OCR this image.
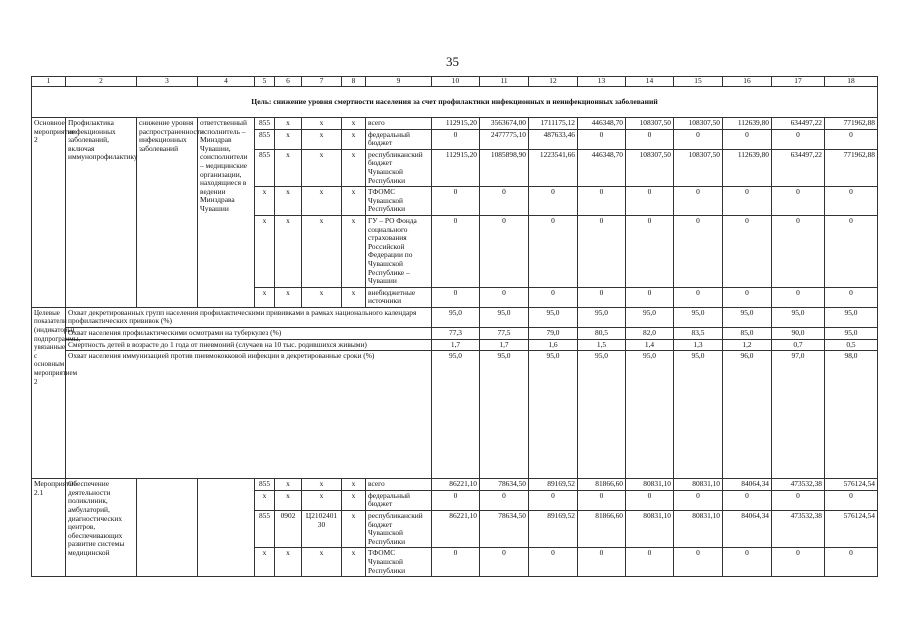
35
1	2	3	4	5	6	7	8	9	10	11	12	13	14	15	16	17	18
Цель: снижение уровня смертности населения за счет профилактики инфекционных и неинфекционных заболеваний																	
Основное мероприятие 2	Профилактика инфекционных заболеваний, включая иммунопрофилактику	снижение уровня распространенности инфекционных заболеваний	ответственный исполнитель – Минздрав Чувашии, соисполнители – медицинские организации, находящиеся в ведении Минздрава Чувашии	855	x	x	x	всего	112915,20	3563674,00	1711175,12	446348,70	108307,50	108307,50	112639,80	634497,22	771962,88
				855	x	x	x	федеральный бюджет	0	2477775,10	487633,46	0	0	0	0	0	0
				855	x	x	x	республиканский бюджет Чувашской Республики	112915,20	1085898,90	1223541,66	446348,70	108307,50	108307,50	112639,80	634497,22	771962,88
				x	x	x	x	ТФОМС Чувашской Республики	0	0	0	0	0	0	0	0	0
				x	x	x	x	ГУ – РО Фонда социального страхования Российской Федерации по Чувашской Республике – Чувашии	0	0	0	0	0	0	0	0	0
				x	x	x	x	внебюджетные источники	0	0	0	0	0	0	0	0	0
Целевые показатели (индикаторы) подпрограммы, увязанные с основным мероприятием 2	Охват декретированных групп населения профилактическими прививками в рамках национального календаря профилактических прививок (%)								95,0	95,0	95,0	95,0	95,0	95,0	95,0	95,0	95,0
	Охват населения профилактическими осмотрами на туберкулез (%)								77,3	77,5	79,0	80,5	82,0	83,5	85,0	90,0	95,0
	Смертность детей в возрасте до 1 года от пневмоний (случаев на 10 тыс. родившихся живыми)								1,7	1,7	1,6	1,5	1,4	1,3	1,2	0,7	0,5
	Охват населения иммунизацией против пневмококковой инфекции в декретированные сроки (%)								95,0	95,0	95,0	95,0	95,0	95,0	96,0	97,0	98,0
Мероприятие 2.1	Обеспечение деятельности поликлиник, амбулаторий, диагностических центров, обеспечивающих развитие системы медицинской			855	x	x	x	всего	86221,10	78634,50	89169,52	81866,60	80831,10	80831,10	84064,34	473532,38	576124,54
				x	x	x	x	федеральный бюджет	0	0	0	0	0	0	0	0	0
				855	0902	Ц2102401 30	x	республиканский бюджет Чувашской Республики	86221,10	78634,50	89169,52	81866,60	80831,10	80831,10	84064,34	473532,38	576124,54
				x	x	x	x	ТФОМС Чувашской Республики	0	0	0	0	0	0	0	0	0
